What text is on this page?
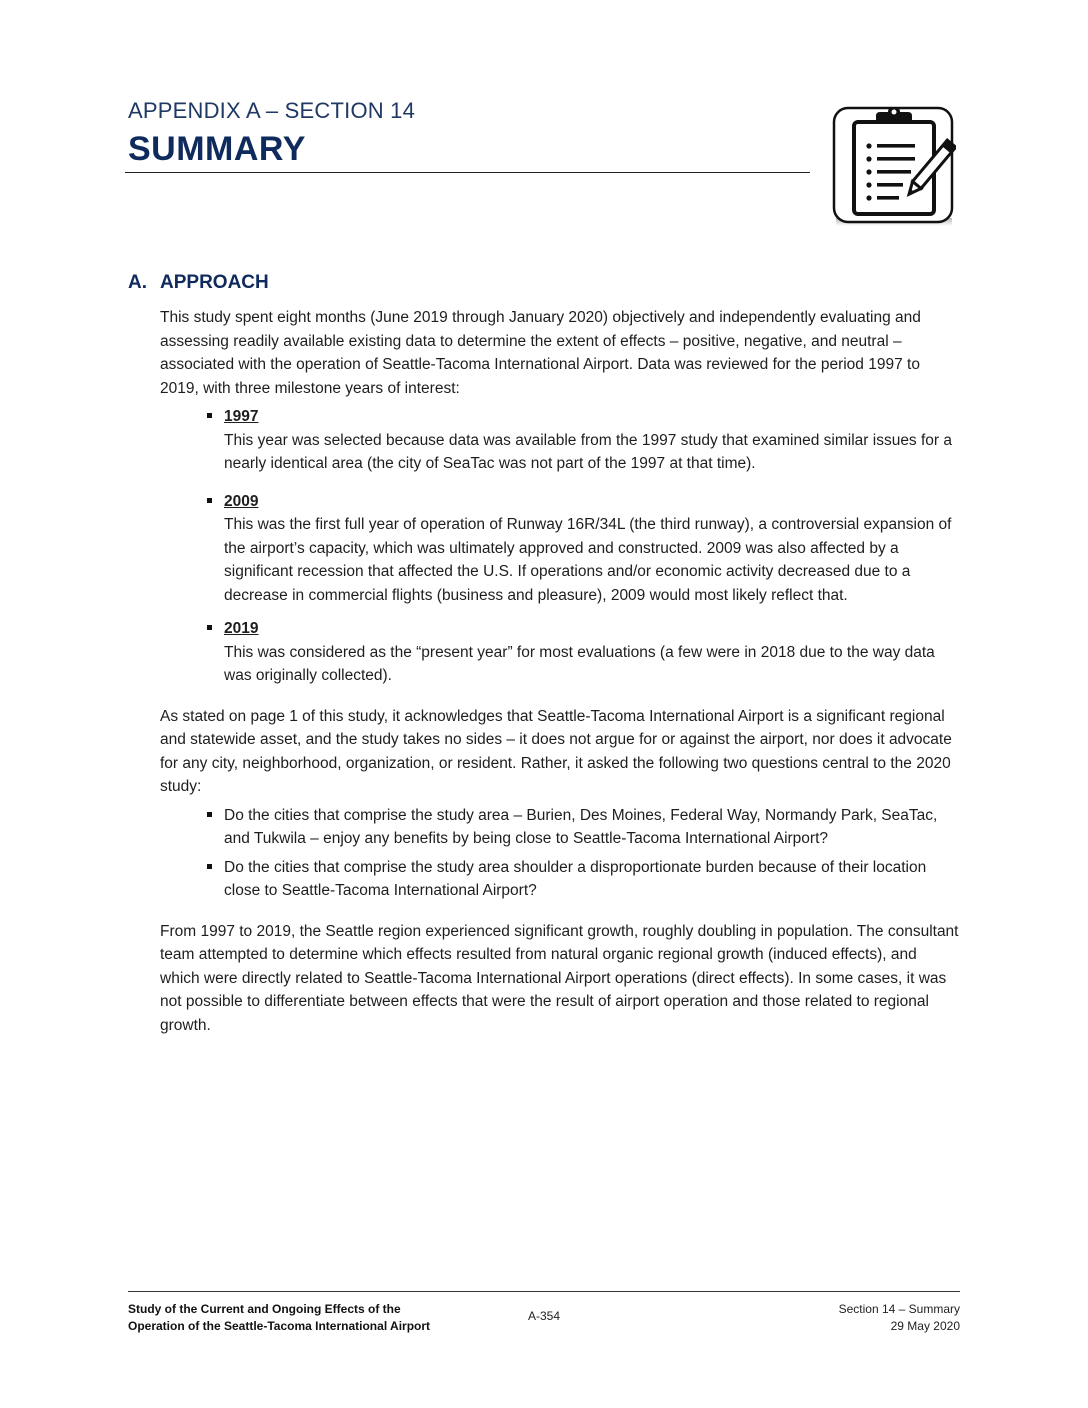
APPENDIX A – SECTION 14
SUMMARY
A. APPROACH

This study spent eight months (June 2019 through January 2020) objectively and independently evaluating and assessing readily available existing data to determine the extent of effects – positive, negative, and neutral – associated with the operation of Seattle-Tacoma International Airport. Data was reviewed for the period 1997 to 2019, with three milestone years of interest:

1997
This year was selected because data was available from the 1997 study that examined similar issues for a nearly identical area (the city of SeaTac was not part of the 1997 at that time).
2009
This was the first full year of operation of Runway 16R/34L (the third runway), a controversial expansion of the airport’s capacity, which was ultimately approved and constructed. 2009 was also affected by a significant recession that affected the U.S. If operations and/or economic activity decreased due to a decrease in commercial flights (business and pleasure), 2009 would most likely reflect that.
2019
This was considered as the “present year” for most evaluations (a few were in 2018 due to the way data was originally collected).

As stated on page 1 of this study, it acknowledges that Seattle-Tacoma International Airport is a significant regional and statewide asset, and the study takes no sides – it does not argue for or against the airport, nor does it advocate for any city, neighborhood, organization, or resident. Rather, it asked the following two questions central to the 2020 study:

Do the cities that comprise the study area – Burien, Des Moines, Federal Way, Normandy Park, SeaTac, and Tukwila – enjoy any benefits by being close to Seattle-Tacoma International Airport?
Do the cities that comprise the study area shoulder a disproportionate burden because of their location close to Seattle-Tacoma International Airport?

From 1997 to 2019, the Seattle region experienced significant growth, roughly doubling in population. The consultant team attempted to determine which effects resulted from natural organic regional growth (induced effects), and which were directly related to Seattle-Tacoma International Airport operations (direct effects). In some cases, it was not possible to differentiate between effects that were the result of airport operation and those related to regional growth.

Study of the Current and Ongoing Effects of the
Operation of the Seattle-Tacoma International Airport
A-354	Section 14 – Summary
29 May 2020
